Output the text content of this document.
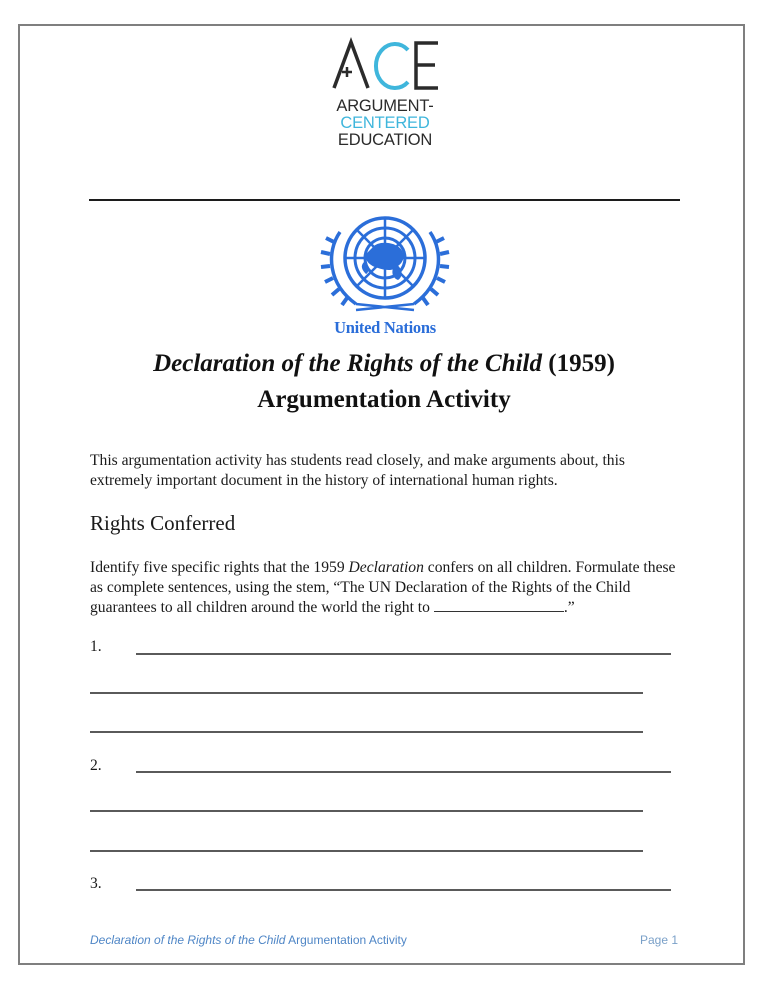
ARGUMENT-
CENTERED
EDUCATION
United Nations
Declaration of the Rights of the Child (1959)
Argumentation Activity
This argumentation activity has students read closely, and make arguments about, this extremely important document in the history of international human rights.
Rights Conferred
Identify five specific rights that the 1959 Declaration confers on all children. Formulate these as complete sentences, using the stem, “The UN Declaration of the Rights of the Child guarantees to all children around the world the right to	.”
1.
2.
3.
Declaration of the Rights of the Child Argumentation Activity	Page 1
